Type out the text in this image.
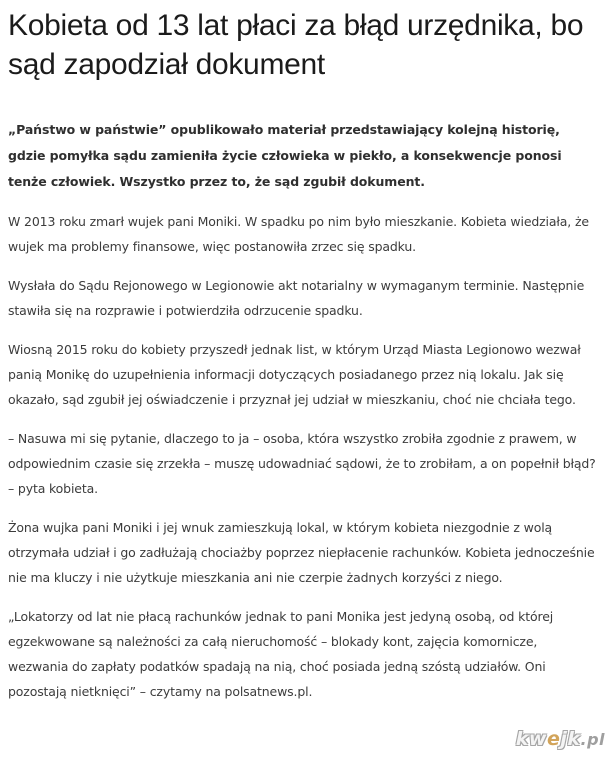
Kobieta od 13 lat płaci za błąd urzędnika, bo sąd zapodział dokument

„Państwo w państwie” opublikowało materiał przedstawiający kolejną historię, gdzie pomyłka sądu zamieniła życie człowieka w piekło, a konsekwencje ponosi tenże człowiek. Wszystko przez to, że sąd zgubił dokument.

W 2013 roku zmarł wujek pani Moniki. W spadku po nim było mieszkanie. Kobieta wiedziała, że wujek ma problemy finansowe, więc postanowiła zrzec się spadku.

Wysłała do Sądu Rejonowego w Legionowie akt notarialny w wymaganym terminie. Następnie stawiła się na rozprawie i potwierdziła odrzucenie spadku.

Wiosną 2015 roku do kobiety przyszedł jednak list, w którym Urząd Miasta Legionowo wezwał panią Monikę do uzupełnienia informacji dotyczących posiadanego przez nią lokalu. Jak się okazało, sąd zgubił jej oświadczenie i przyznał jej udział w mieszkaniu, choć nie chciała tego.

– Nasuwa mi się pytanie, dlaczego to ja – osoba, która wszystko zrobiła zgodnie z prawem, w odpowiednim czasie się zrzekła – muszę udowadniać sądowi, że to zrobiłam, a on popełnił błąd? – pyta kobieta.

Żona wujka pani Moniki i jej wnuk zamieszkują lokal, w którym kobieta niezgodnie z wolą otrzymała udział i go zadłużają chociażby poprzez niepłacenie rachunków. Kobieta jednocześnie nie ma kluczy i nie użytkuje mieszkania ani nie czerpie żadnych korzyści z niego.

„Lokatorzy od lat nie płacą rachunków jednak to pani Monika jest jedyną osobą, od której egzekwowane są należności za całą nieruchomość – blokady kont, zajęcia komornicze, wezwania do zapłaty podatków spadają na nią, choć posiada jedną szóstą udziałów. Oni pozostają nietknięci” – czytamy na polsatnews.pl.

kwejk.pl
